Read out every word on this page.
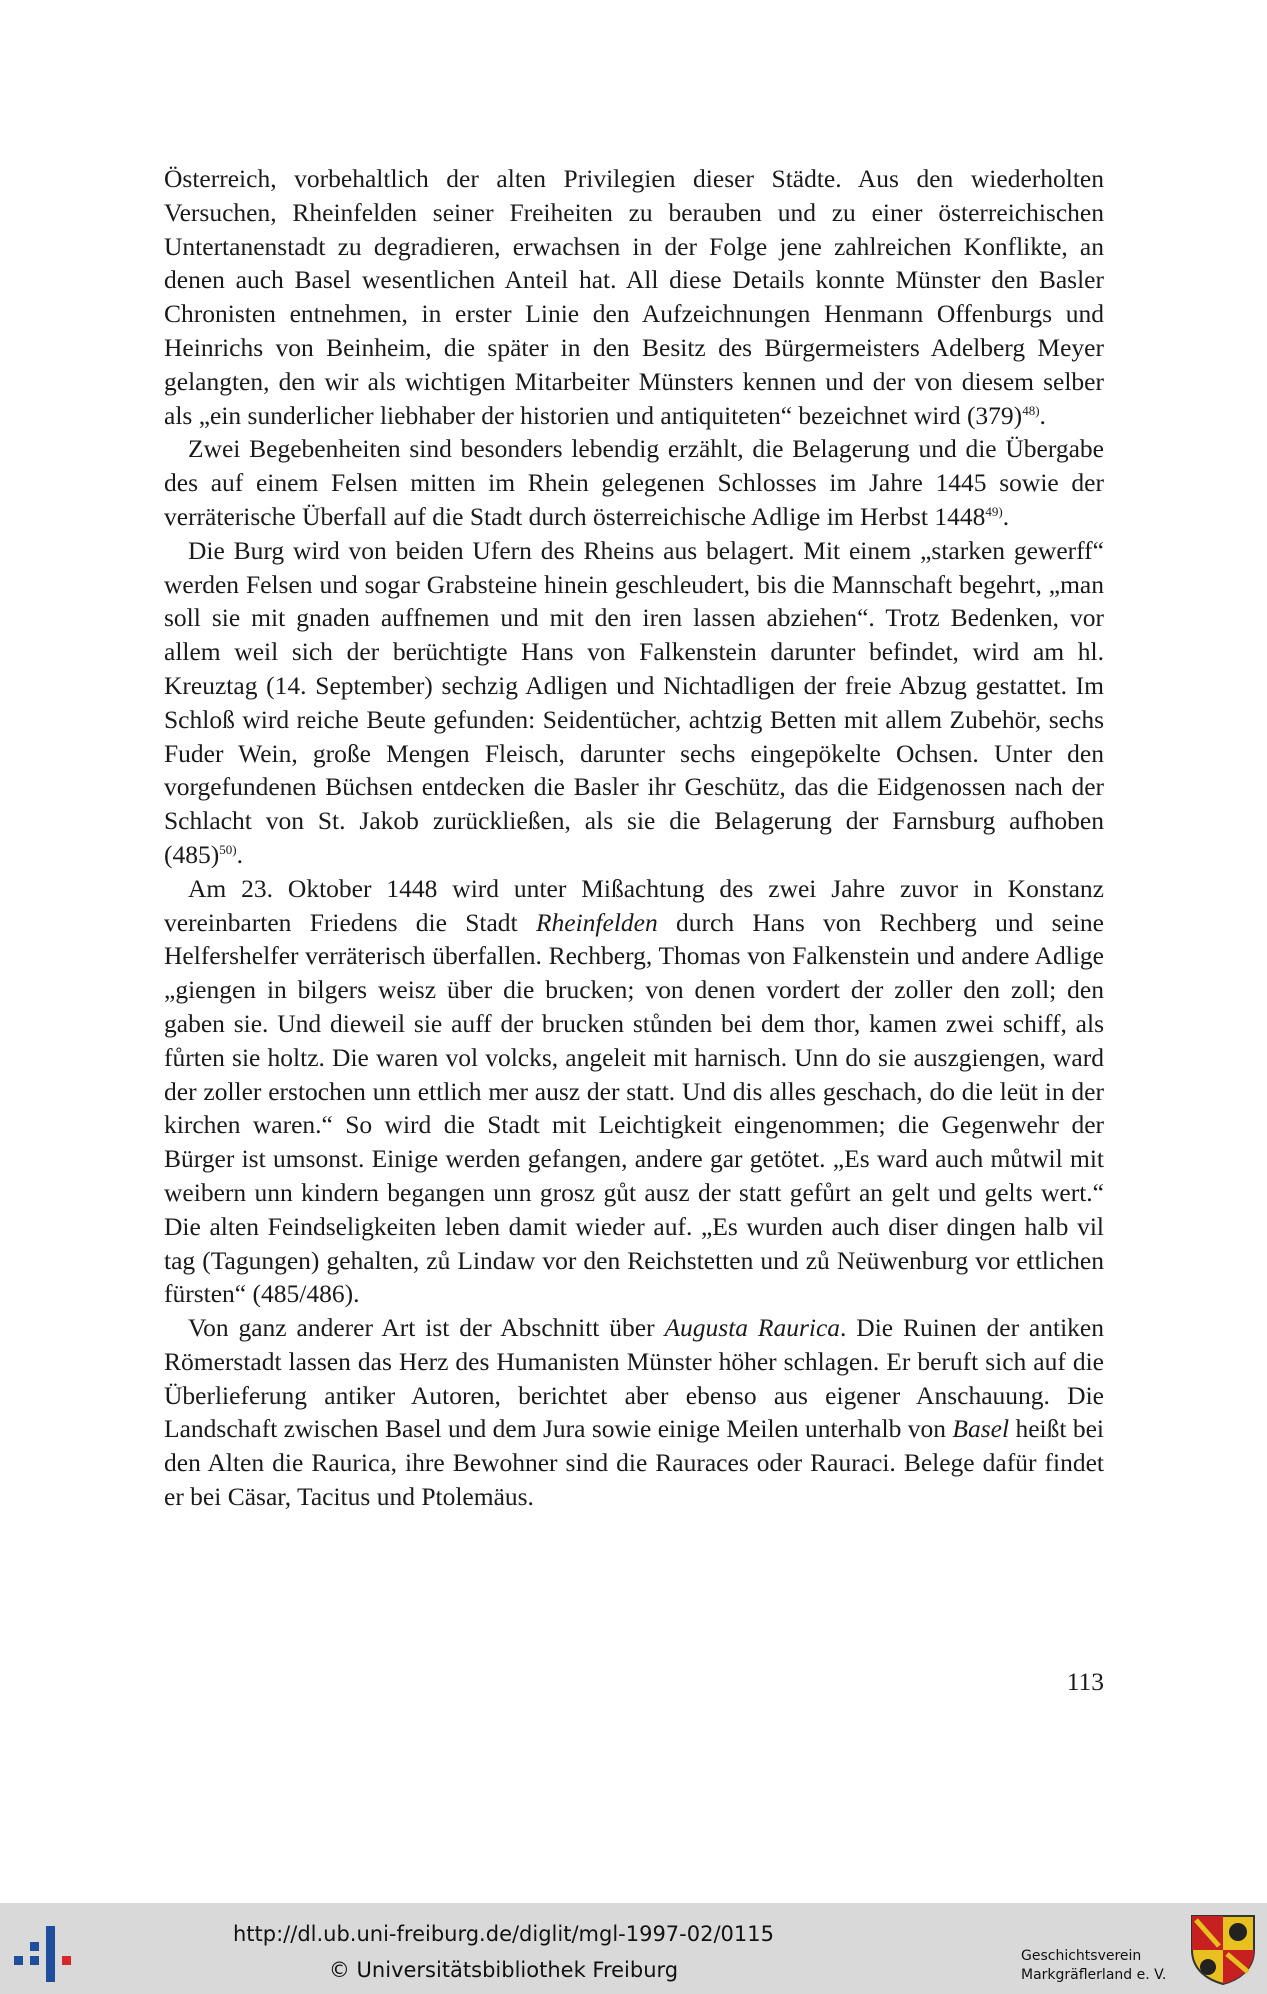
Österreich, vorbehaltlich der alten Privilegien dieser Städte. Aus den wiederholten Versuchen, Rheinfelden seiner Freiheiten zu berauben und zu einer österreichischen Untertanenstadt zu degradieren, erwachsen in der Folge jene zahlreichen Konflikte, an denen auch Basel wesentlichen Anteil hat. All diese Details konnte Münster den Basler Chronisten entnehmen, in erster Linie den Aufzeichnungen Henmann Offenburgs und Heinrichs von Beinheim, die später in den Besitz des Bürgermeisters Adelberg Meyer gelangten, den wir als wichtigen Mitarbeiter Münsters kennen und der von diesem selber als „ein sunderlicher liebhaber der historien und antiquiteten“ bezeichnet wird $(379)^{48)}$.

Zwei Begebenheiten sind besonders lebendig erzählt, die Belagerung und die Übergabe des auf einem Felsen mitten im Rhein gelegenen Schlosses im Jahre 1445 sowie der verräterische Überfall auf die Stadt durch österreichische Adlige im Herbst 1448$^{49)}$.

Die Burg wird von beiden Ufern des Rheins aus belagert. Mit einem „starken gewerff“ werden Felsen und sogar Grabsteine hinein geschleudert, bis die Mannschaft begehrt, „man soll sie mit gnaden auffnemen und mit den iren lassen abziehen“. Trotz Bedenken, vor allem weil sich der berüchtigte Hans von Falkenstein darunter befindet, wird am hl. Kreuztag (14. September) sechzig Adligen und Nichtadligen der freie Abzug gestattet. Im Schloß wird reiche Beute gefunden: Seidentücher, achtzig Betten mit allem Zubehör, sechs Fuder Wein, große Mengen Fleisch, darunter sechs eingepökelte Ochsen. Unter den vorgefundenen Büchsen entdecken die Basler ihr Geschütz, das die Eidgenossen nach der Schlacht von St. Jakob zurückließen, als sie die Belagerung der Farnsburg aufhoben $(485)^{50)}$.

Am 23. Oktober 1448 wird unter Mißachtung des zwei Jahre zuvor in Konstanz vereinbarten Friedens die Stadt Rheinfelden durch Hans von Rechberg und seine Helfershelfer verräterisch überfallen. Rechberg, Thomas von Falkenstein und andere Adlige „giengen in bilgers weisz über die brucken; von denen vordert der zoller den zoll; den gaben sie. Und dieweil sie auff der brucken stůnden bei dem thor, kamen zwei schiff, als fůrten sie holtz. Die waren vol volcks, angeleit mit harnisch. Unn do sie auszgiengen, ward der zoller erstochen unn ettlich mer ausz der statt. Und dis alles geschach, do die leüt in der kirchen waren.“ So wird die Stadt mit Leichtigkeit eingenommen; die Gegenwehr der Bürger ist umsonst. Einige werden gefangen, andere gar getötet. „Es ward auch můtwil mit weibern unn kindern begangen unn grosz gůt ausz der statt gefůrt an gelt und gelts wert.“ Die alten Feindseligkeiten leben damit wieder auf. „Es wurden auch diser dingen halb vil tag (Tagungen) gehalten, zů Lindaw vor den Reichstetten und zů Neüwenburg vor ettlichen fürsten“ (485/486).

Von ganz anderer Art ist der Abschnitt über Augusta Raurica. Die Ruinen der antiken Römerstadt lassen das Herz des Humanisten Münster höher schlagen. Er beruft sich auf die Überlieferung antiker Autoren, berichtet aber ebenso aus eigener Anschauung. Die Landschaft zwischen Basel und dem Jura sowie einige Meilen unterhalb von Basel heißt bei den Alten die Raurica, ihre Bewohner sind die Rauraces oder Rauraci. Belege dafür findet er bei Cäsar, Tacitus und Ptolemäus.

113
http://dl.ub.uni-freiburg.de/diglit/mgl-1997-02/0115
© Universitätsbibliothek Freiburg
Geschichtsverein
Markgräflerland e. V.
